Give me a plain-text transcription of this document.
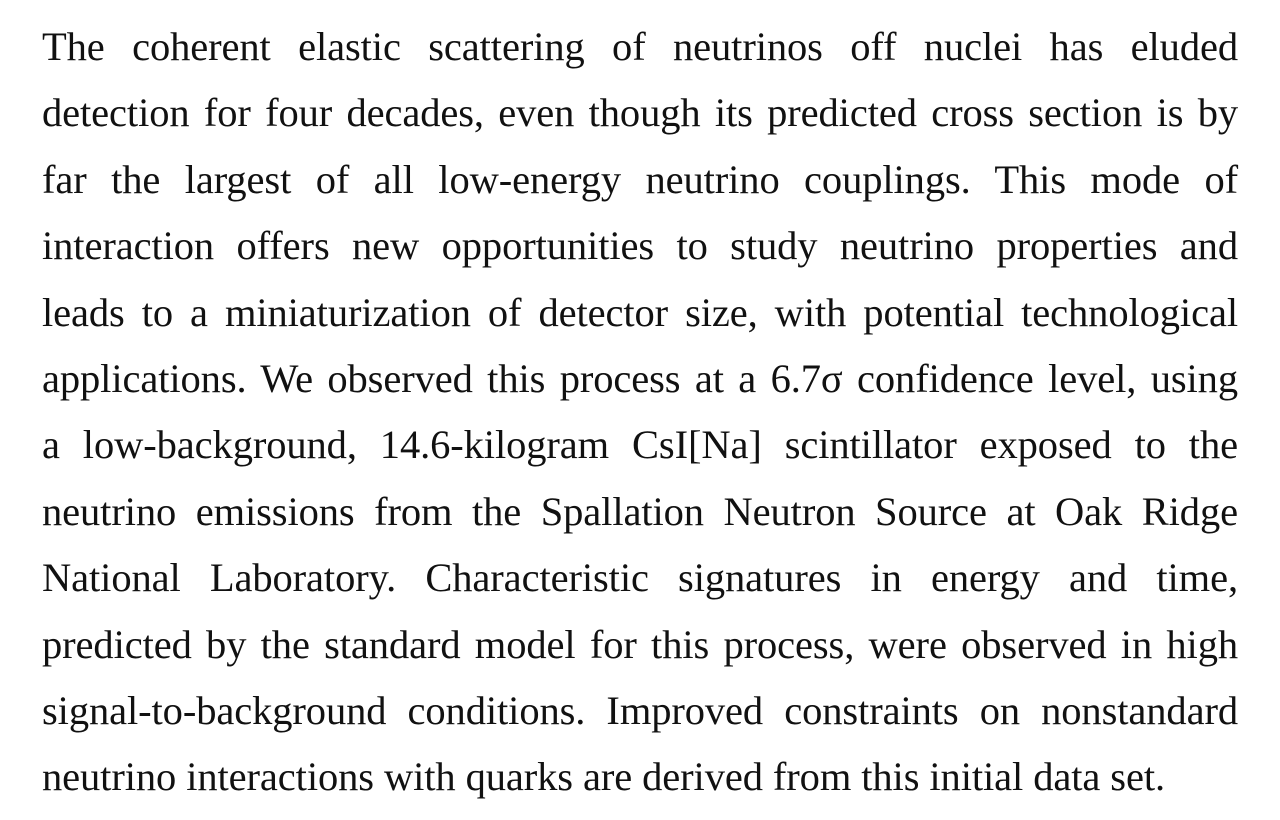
The coherent elastic scattering of neutrinos off nuclei has eluded
detection for four decades, even though its predicted cross section is by
far the largest of all low-energy neutrino couplings. This mode of
interaction offers new opportunities to study neutrino properties and
leads to a miniaturization of detector size, with potential technological
applications. We observed this process at a 6.7σ confidence level, using
a low-background, 14.6-kilogram CsI[Na] scintillator exposed to the
neutrino emissions from the Spallation Neutron Source at Oak Ridge
National Laboratory. Characteristic signatures in energy and time,
predicted by the standard model for this process, were observed in high
signal-to-background conditions. Improved constraints on nonstandard
neutrino interactions with quarks are derived from this initial data set.
